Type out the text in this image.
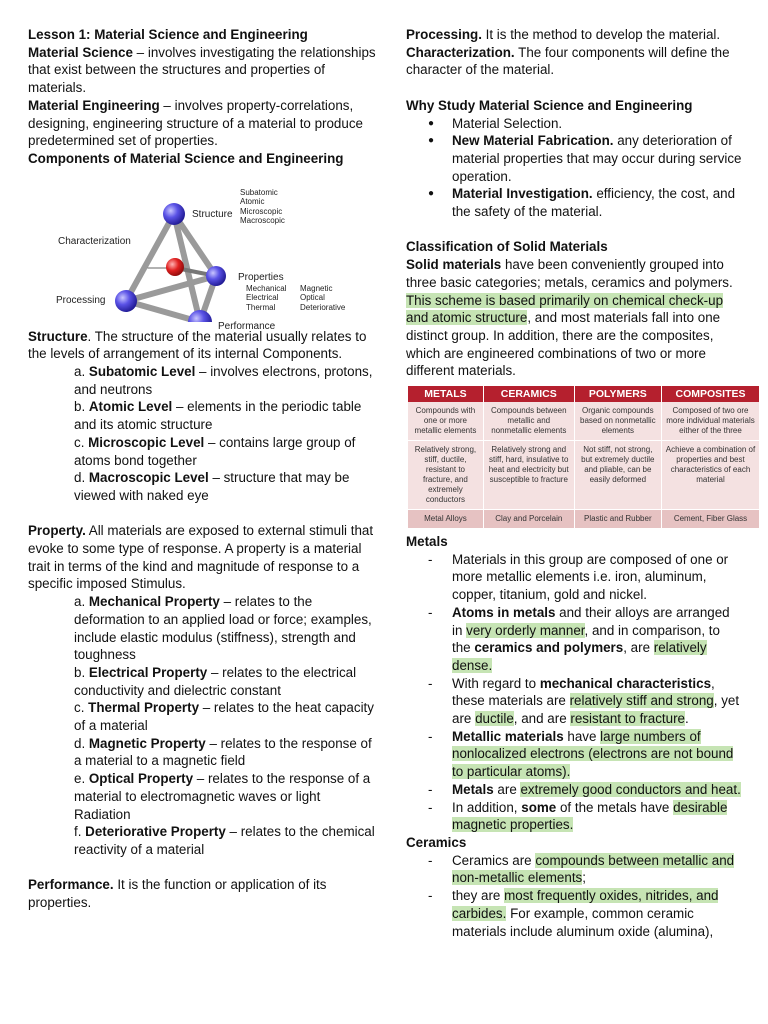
Lesson 1: Material Science and Engineering

Material Science – involves investigating the relationships that exist between the structures and properties of materials.

Material Engineering – involves property-correlations, designing, engineering structure of a material to produce predetermined set of properties.

Components of Material Science and Engineering

Structure
Subatomic
Atomic
Microscopic
Macroscopic
Characterization
Properties
Mechanical
Electrical
Thermal
Magnetic
Optical
Deteriorative
Processing
Performance

Structure. The structure of the material usually relates to the levels of arrangement of its internal Components.

a. Subatomic Level – involves electrons, protons, and neutrons

b. Atomic Level – elements in the periodic table and its atomic structure

c. Microscopic Level – contains large group of atoms bond together

d. Macroscopic Level – structure that may be viewed with naked eye

Property. All materials are exposed to external stimuli that evoke to some type of response. A property is a material trait in terms of the kind and magnitude of response to a specific imposed Stimulus.

a. Mechanical Property – relates to the deformation to an applied load or force; examples, include elastic modulus (stiffness), strength and toughness

b. Electrical Property – relates to the electrical conductivity and dielectric constant

c. Thermal Property – relates to the heat capacity of a material

d. Magnetic Property – relates to the response of a material to a magnetic field

e. Optical Property – relates to the response of a material to electromagnetic waves or light Radiation

f. Deteriorative Property – relates to the chemical reactivity of a material

Performance. It is the function or application of its properties.

Processing. It is the method to develop the material.

Characterization. The four components will define the character of the material.

Why Study Material Science and Engineering

● Material Selection.
● New Material Fabrication. any deterioration of material properties that may occur during service operation.
● Material Investigation. efficiency, the cost, and the safety of the material.

Classification of Solid Materials

Solid materials have been conveniently grouped into three basic categories; metals, ceramics and polymers. This scheme is based primarily on chemical check-up and atomic structure, and most materials fall into one distinct group. In addition, there are the composites, which are engineered combinations of two or more different materials.

METALS	CERAMICS	POLYMERS	COMPOSITES
Compounds with one or more metallic elements	Compounds between metallic and nonmetallic elements	Organic compounds based on nonmetallic elements	Composed of two ore more individual materials either of the three
Relatively strong, stiff, ductile, resistant to fracture, and extremely conductors	Relatively strong and stiff, hard, insulative to heat and electricity but susceptible to fracture	Not stiff, not strong, but extremely ductile and pliable, can be easily deformed	Achieve a combination of properties and best characteristics of each material
Metal Alloys	Clay and Porcelain	Plastic and Rubber	Cement, Fiber Glass

Metals

- Materials in this group are composed of one or more metallic elements i.e. iron, aluminum, copper, titanium, gold and nickel.
- Atoms in metals and their alloys are arranged in very orderly manner, and in comparison, to the ceramics and polymers, are relatively dense.
- With regard to mechanical characteristics, these materials are relatively stiff and strong, yet are ductile, and are resistant to fracture.
- Metallic materials have large numbers of nonlocalized electrons (electrons are not bound to particular atoms).
- Metals are extremely good conductors and heat.
- In addition, some of the metals have desirable magnetic properties.

Ceramics

- Ceramics are compounds between metallic and non-metallic elements;
- they are most frequently oxides, nitrides, and carbides. For example, common ceramic materials include aluminum oxide (alumina),
